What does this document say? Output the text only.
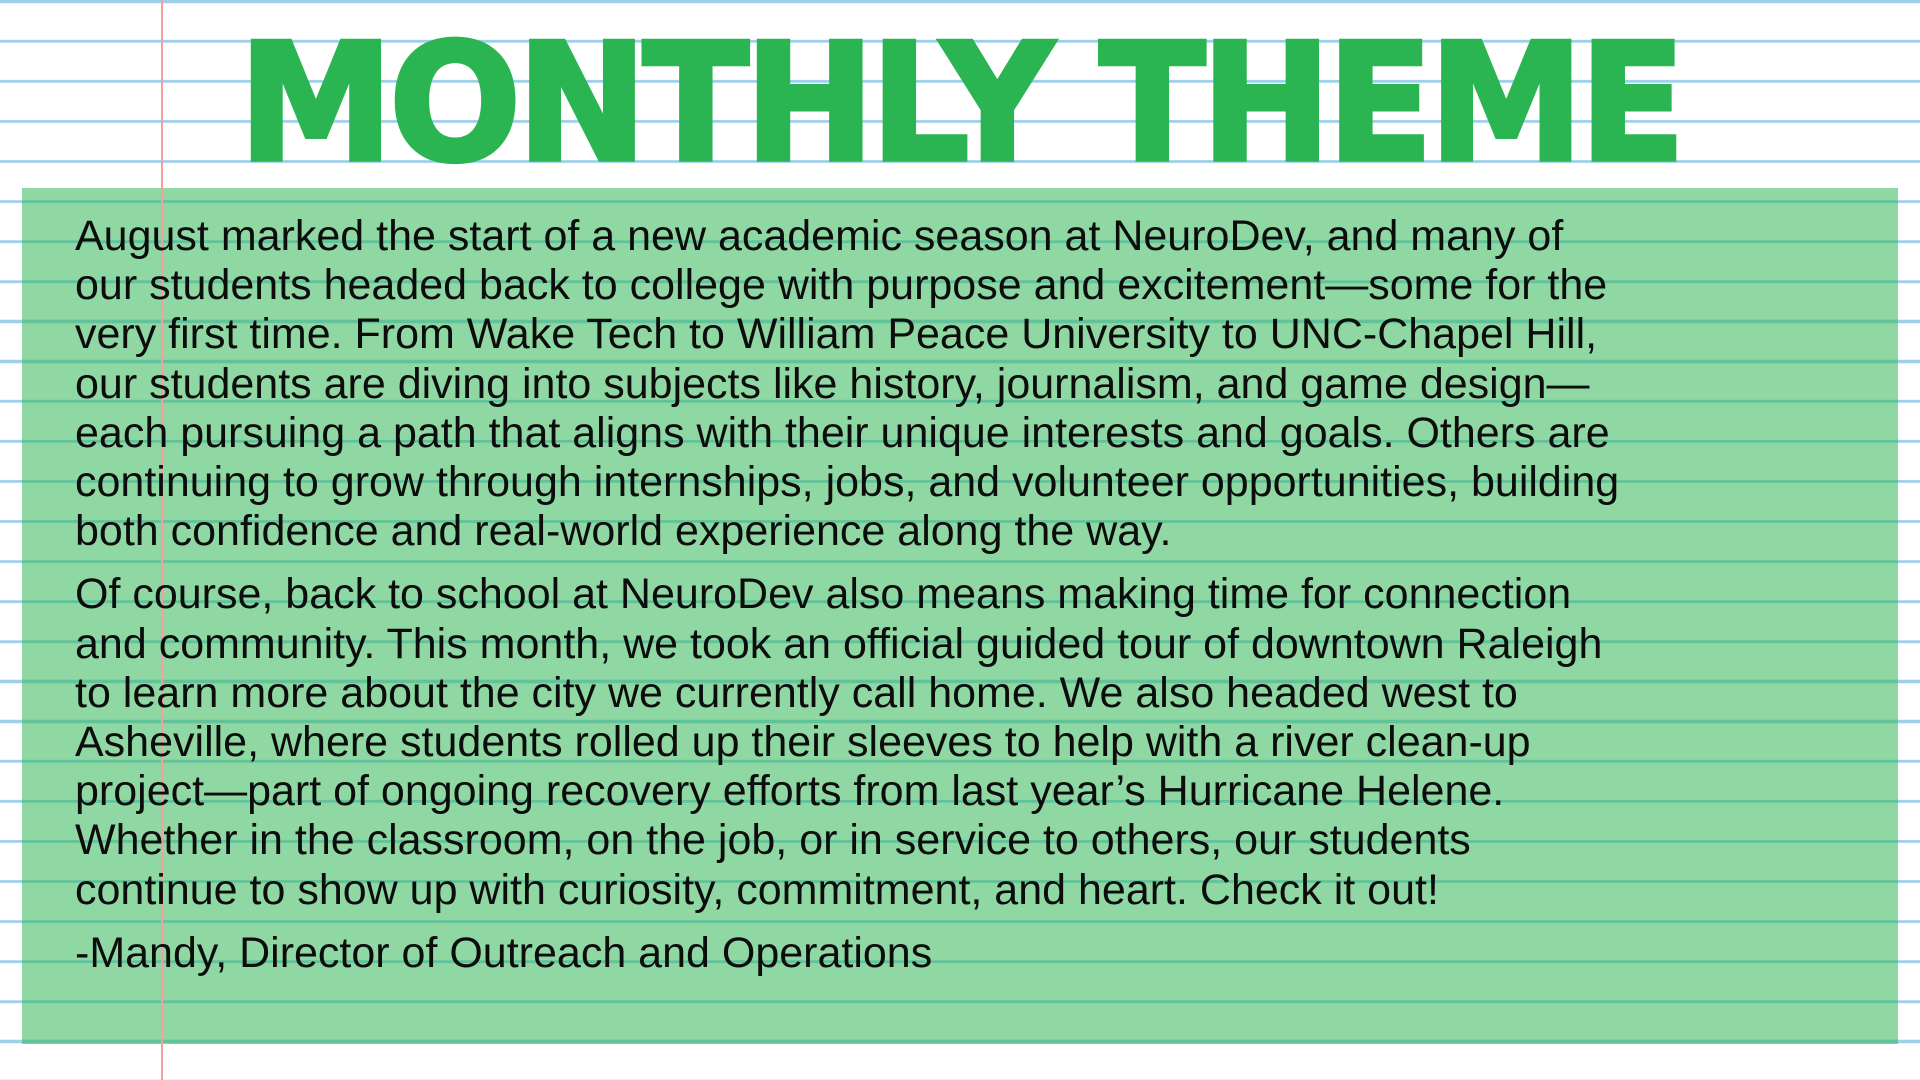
MONTHLY THEME

August marked the start of a new academic season at NeuroDev, and many of
our students headed back to college with purpose and excitement—some for the
very first time. From Wake Tech to William Peace University to UNC-Chapel Hill,
our students are diving into subjects like history, journalism, and game design—
each pursuing a path that aligns with their unique interests and goals. Others are
continuing to grow through internships, jobs, and volunteer opportunities, building
both confidence and real-world experience along the way.

Of course, back to school at NeuroDev also means making time for connection
and community. This month, we took an official guided tour of downtown Raleigh
to learn more about the city we currently call home. We also headed west to
Asheville, where students rolled up their sleeves to help with a river clean-up
project—part of ongoing recovery efforts from last year’s Hurricane Helene.
Whether in the classroom, on the job, or in service to others, our students
continue to show up with curiosity, commitment, and heart. Check it out!

-Mandy, Director of Outreach and Operations
